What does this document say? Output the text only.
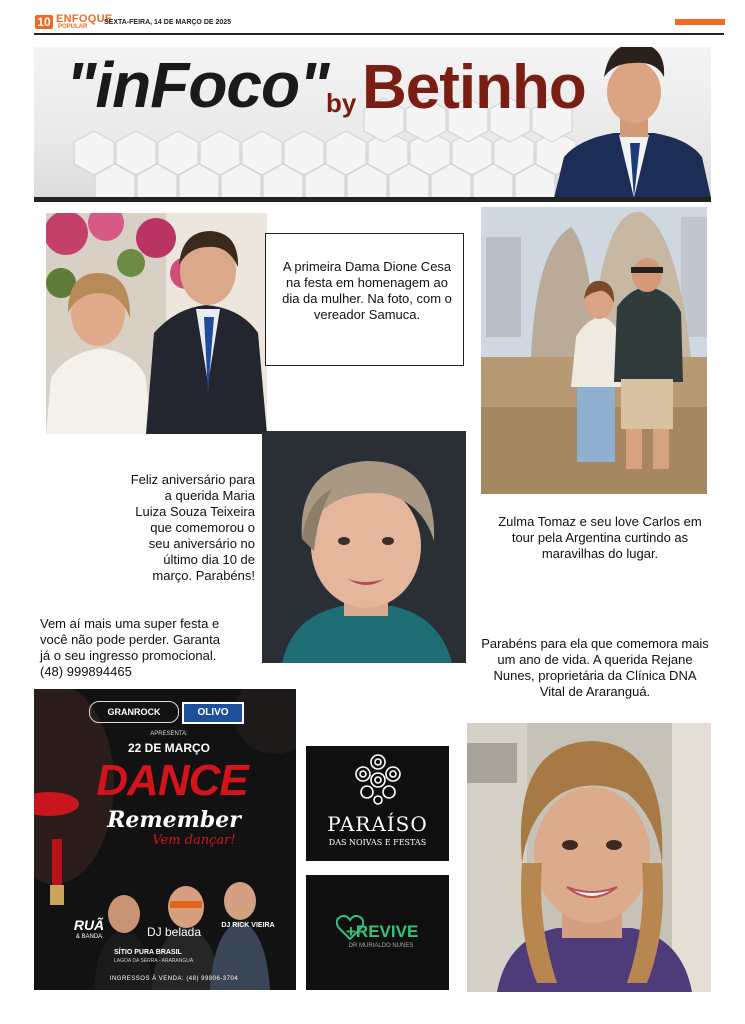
10 ENFOQUE
POPULAR
SEXTA-FEIRA, 14 DE MARÇO DE 2025
"inFoco"
by Betinho
A primeira Dama Dione Cesa na festa em homenagem ao dia da mulher. Na foto, com o vereador Samuca.
Feliz aniversário para a querida Maria Luiza Souza Teixeira que comemorou o seu aniversário no último dia 10 de março. Parabéns!
Zulma Tomaz e seu love Carlos em tour pela Argentina curtindo as maravilhas do lugar.
Vem aí mais uma super festa e você não pode perder. Garanta já o seu ingresso promocional. (48) 999894465
Parabéns para ela que comemora mais um ano de vida. A querida Rejane Nunes, proprietária da Clínica DNA Vital de Araranguá.
GRANROCK	OLIVO
APRESENTA:
22 DE MARÇO
DANCE
Remember
Vem dançar!
RUÃ
& BANDA	DJ belada	DJ RICK VIEIRA
SÍTIO PURA BRASIL
LAGOA DA SERRA - ARARANGUÁ
INGRESSOS À VENDA: (48) 99806-3704
PARAÍSO
DAS NOIVAS E FESTAS
+REVIVE
DR MURIALDO NUNES
